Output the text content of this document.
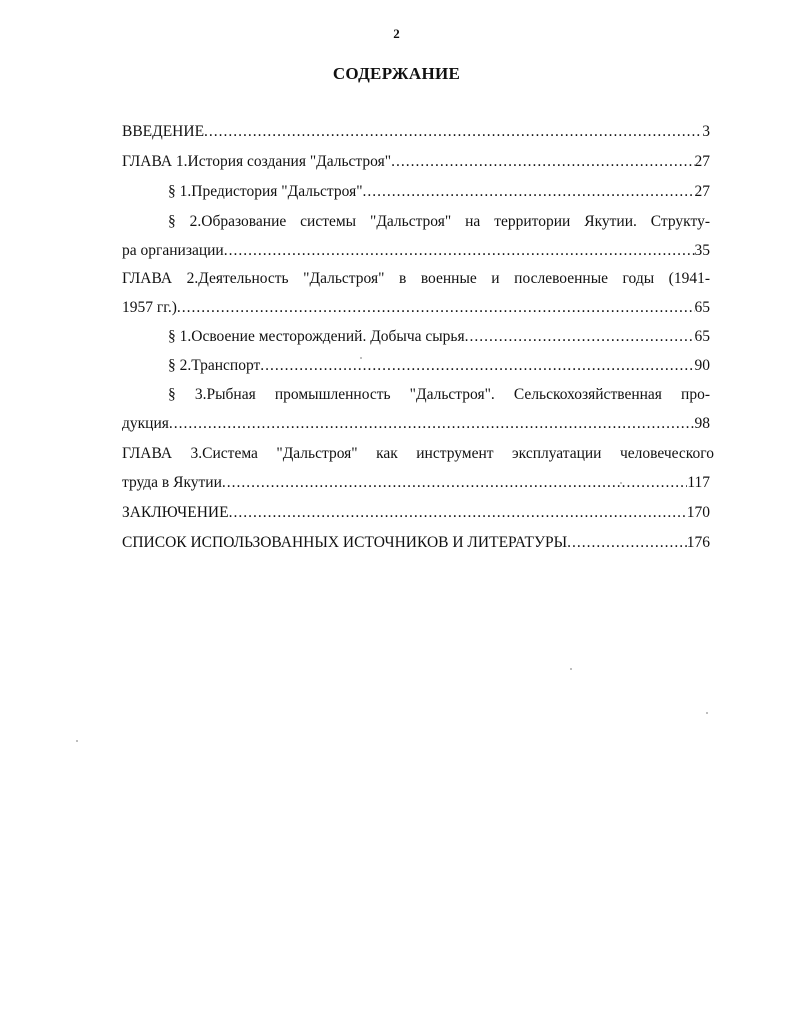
2
СОДЕРЖАНИЕ
ВВЕДЕНИЕ .....	3
ГЛАВА 1.История создания "Дальстроя" .....	27
§ 1.Предистория "Дальстроя" .....	27
§ 2.Образование системы "Дальстроя" на территории Якутии. Структу-
ра организации .....	35
ГЛАВА 2.Деятельность "Дальстроя" в военные и послевоенные годы (1941-
1957 гг.) .....	65
§ 1.Освоение месторождений. Добыча сырья .....	65
§ 2.Транспорт .....	90
§ 3.Рыбная промышленность "Дальстроя". Сельскохозяйственная про-
дукция .....	98
ГЛАВА 3.Система "Дальстроя" как инструмент эксплуатации человеческого
труда в Якутии .....	117
ЗАКЛЮЧЕНИЕ .....	170
СПИСОК ИСПОЛЬЗОВАННЫХ ИСТОЧНИКОВ И ЛИТЕРАТУРЫ .....	176
